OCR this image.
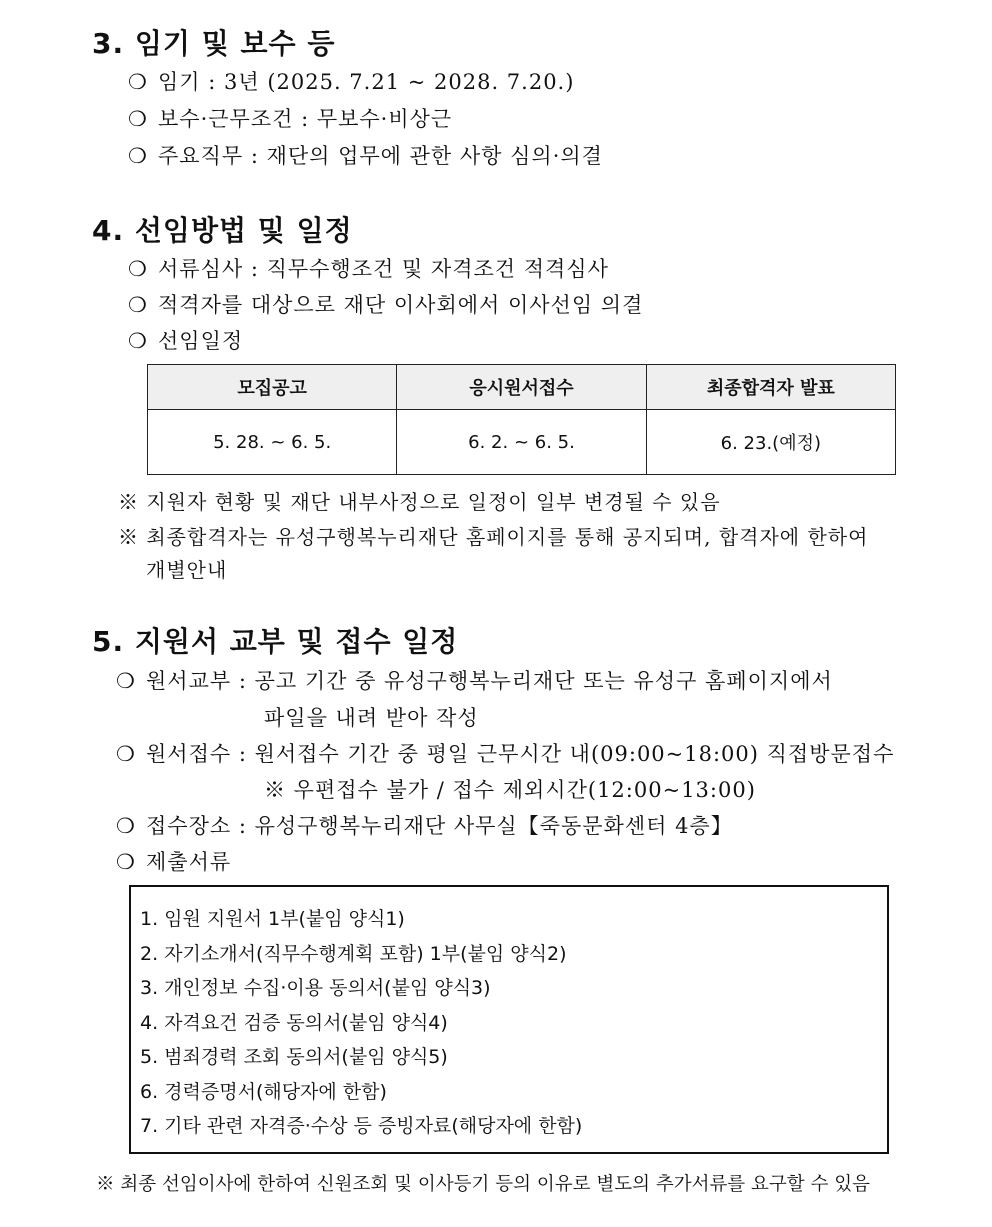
3. 임기 및 보수 등
❍ 임기 : 3년 (2025. 7.21 ~ 2028. 7.20.)
❍ 보수·근무조건 : 무보수·비상근
❍ 주요직무 : 재단의 업무에 관한 사항 심의·의결
4. 선임방법 및 일정
❍ 서류심사 : 직무수행조건 및 자격조건 적격심사
❍ 적격자를 대상으로 재단 이사회에서 이사선임 의결
❍ 선임일정
모집공고	응시원서접수	최종합격자 발표
5. 28. ~ 6. 5.	6. 2. ~ 6. 5.	6. 23.(예정)
※ 지원자 현황 및 재단 내부사정으로 일정이 일부 변경될 수 있음
※ 최종합격자는 유성구행복누리재단 홈페이지를 통해 공지되며, 합격자에 한하여
개별안내
5. 지원서 교부 및 접수 일정
❍ 원서교부 : 공고 기간 중 유성구행복누리재단 또는 유성구 홈페이지에서
파일을 내려 받아 작성
❍ 원서접수 : 원서접수 기간 중 평일 근무시간 내(09:00~18:00) 직접방문접수
※ 우편접수 불가 / 접수 제외시간(12:00~13:00)
❍ 접수장소 : 유성구행복누리재단 사무실【죽동문화센터 4층】
❍ 제출서류
1. 임원 지원서 1부(붙임 양식1)
2. 자기소개서(직무수행계획 포함) 1부(붙임 양식2)
3. 개인정보 수집·이용 동의서(붙임 양식3)
4. 자격요건 검증 동의서(붙임 양식4)
5. 범죄경력 조회 동의서(붙임 양식5)
6. 경력증명서(해당자에 한함)
7. 기타 관련 자격증·수상 등 증빙자료(해당자에 한함)
※ 최종 선임이사에 한하여 신원조회 및 이사등기 등의 이유로 별도의 추가서류를 요구할 수 있음
